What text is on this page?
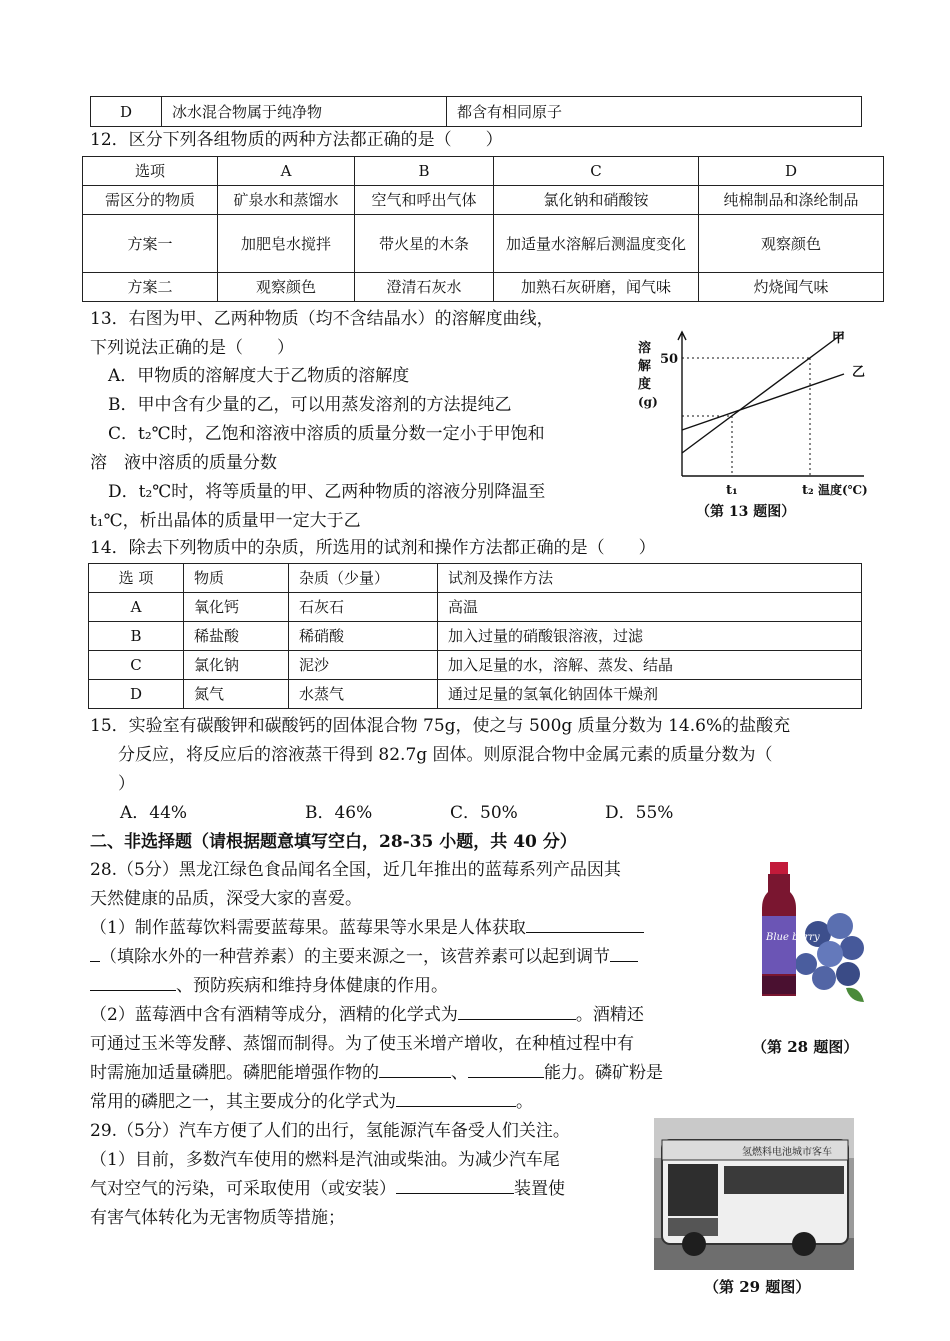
D	冰水混合物属于纯净物	都含有相同原子
12．区分下列各组物质的两种方法都正确的是（　　）
选项	A	B	C	D
需区分的物质	矿泉水和蒸馏水	空气和呼出气体	氯化钠和硝酸铵	纯棉制品和涤纶制品
方案一	加肥皂水搅拌	带火星的木条	加适量水溶解后测温度变化	观察颜色
方案二	观察颜色	澄清石灰水	加熟石灰研磨，闻气味	灼烧闻气味
13．右图为甲、乙两种物质（均不含结晶水）的溶解度曲线，
下列说法正确的是（　　）
A．甲物质的溶解度大于乙物质的溶解度
B．甲中含有少量的乙，可以用蒸发溶剂的方法提纯乙
C．t₂℃时，乙饱和溶液中溶质的质量分数一定小于甲饱和
溶　液中溶质的质量分数
D．t₂℃时，将等质量的甲、乙两种物质的溶液分别降温至
t₁℃，析出晶体的质量甲一定大于乙
溶
解
度
(g)
50
甲
乙
t₁	t₂ 温度(℃)
（第 13 题图）
14．除去下列物质中的杂质，所选用的试剂和操作方法都正确的是（　　）
选 项	物质	杂质（少量）	试剂及操作方法
A	氧化钙	石灰石	高温
B	稀盐酸	稀硝酸	加入过量的硝酸银溶液，过滤
C	氯化钠	泥沙	加入足量的水，溶解、蒸发、结晶
D	氮气	水蒸气	通过足量的氢氧化钠固体干燥剂
15．实验室有碳酸钾和碳酸钙的固体混合物 75g，使之与 500g 质量分数为 14.6%的盐酸充
分反应，将反应后的溶液蒸干得到 82.7g 固体。则原混合物中金属元素的质量分数为（
）
A．44%	B．46%	C．50%	D．55%
二、非选择题（请根据题意填写空白，28-35 小题，共 40 分）
28.（5分）黑龙江绿色食品闻名全国，近几年推出的蓝莓系列产品因其
天然健康的品质，深受大家的喜爱。
（1）制作蓝莓饮料需要蓝莓果。蓝莓果等水果是人体获取
（填除水外的一种营养素）的主要来源之一，该营养素可以起到调节
、预防疾病和维持身体健康的作用。
（2）蓝莓酒中含有酒精等成分，酒精的化学式为	。酒精还
可通过玉米等发酵、蒸馏而制得。为了使玉米增产增收，在种植过程中有
时需施加适量磷肥。磷肥能增强作物的	、	能力。磷矿粉是
常用的磷肥之一，其主要成分的化学式为	。
Blue berry
（第 28 题图）
29.（5分）汽车方便了人们的出行，氢能源汽车备受人们关注。
（1）目前，多数汽车使用的燃料是汽油或柴油。为减少汽车尾
气对空气的污染，可采取使用（或安装）	装置使
有害气体转化为无害物质等措施；
氢燃料电池城市客车
（第 29 题图）
